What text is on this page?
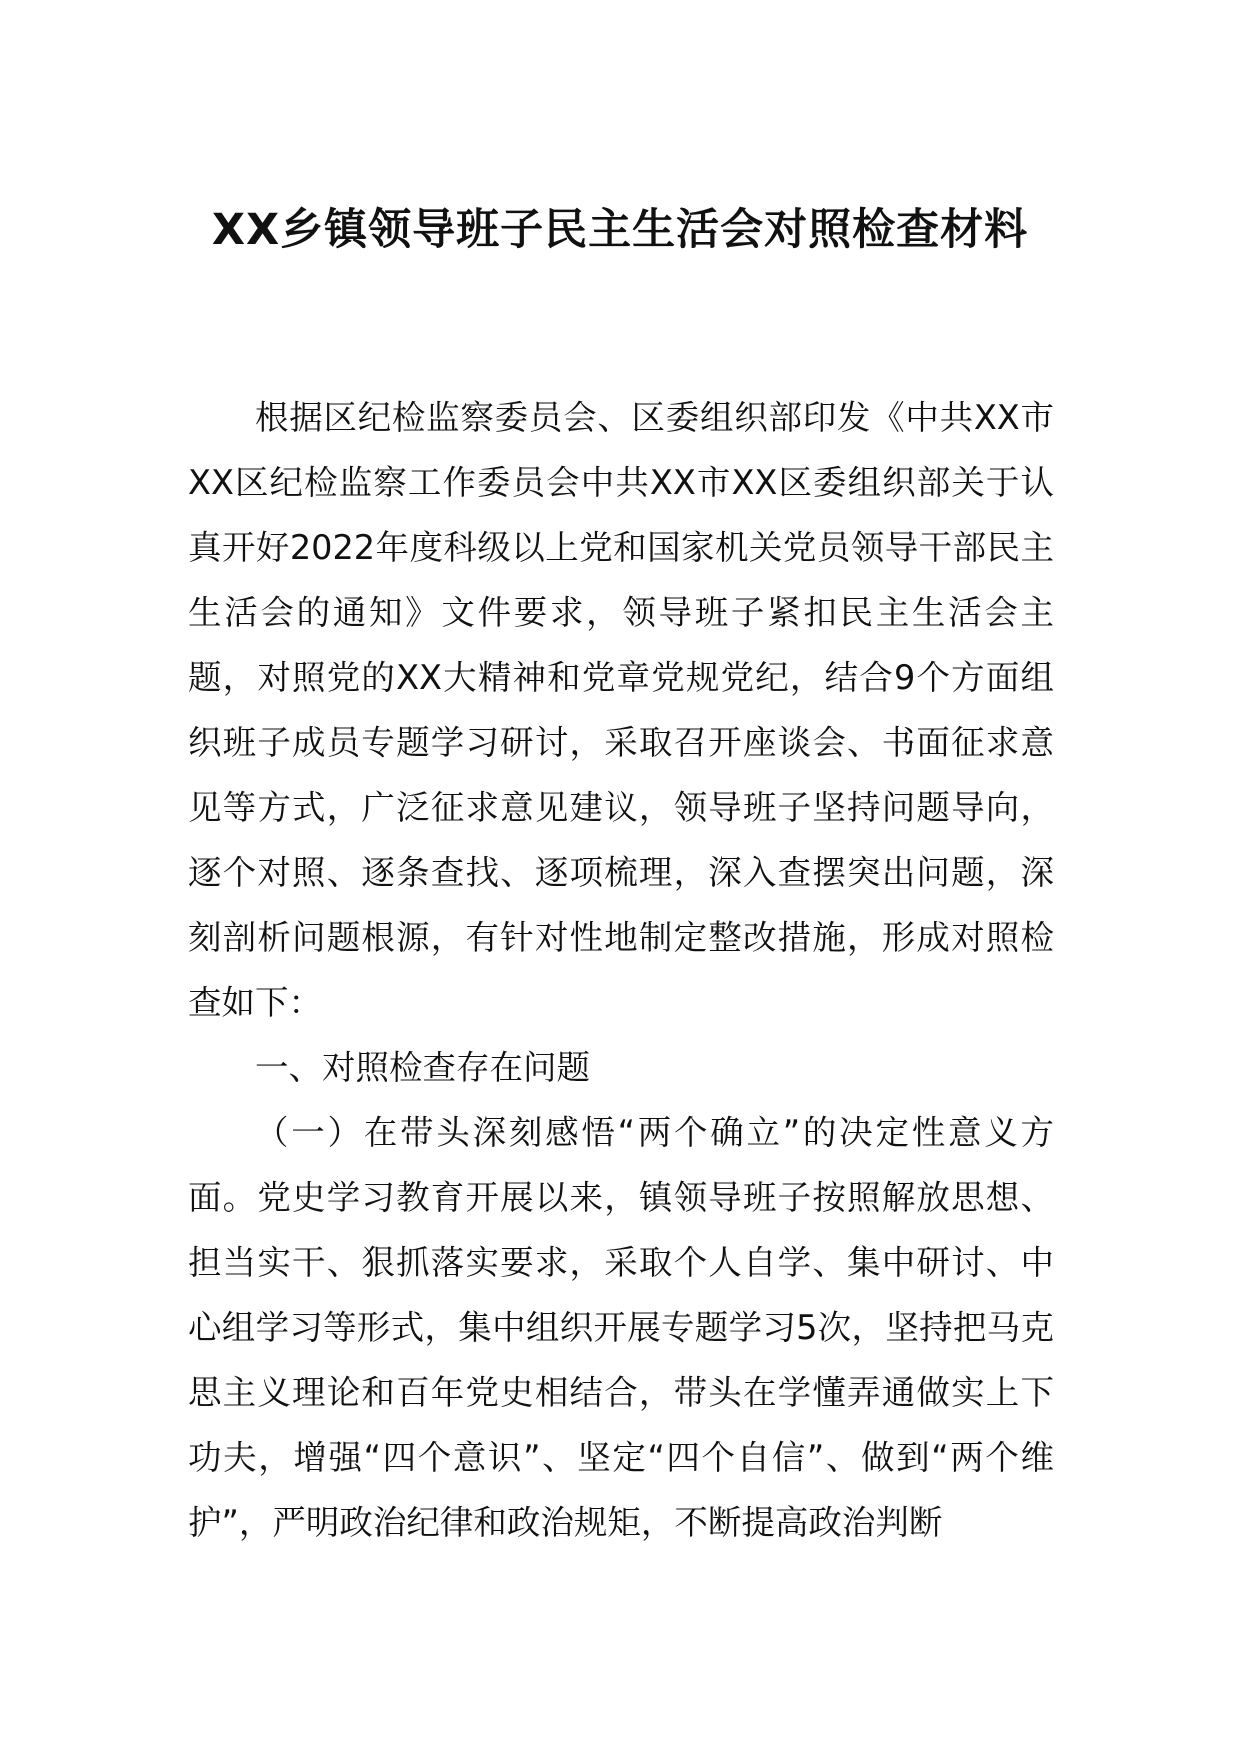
XX乡镇领导班子民主生活会对照检查材料

根据区纪检监察委员会、区委组织部印发《中共XX市XX区纪检监察工作委员会中共XX市XX区委组织部关于认真开好2022年度科级以上党和国家机关党员领导干部民主生活会的通知》文件要求，领导班子紧扣民主生活会主题，对照党的XX大精神和党章党规党纪，结合9个方面组织班子成员专题学习研讨，采取召开座谈会、书面征求意见等方式，广泛征求意见建议，领导班子坚持问题导向，逐个对照、逐条查找、逐项梳理，深入查摆突出问题，深刻剖析问题根源，有针对性地制定整改措施，形成对照检查如下：

一、对照检查存在问题

（一）在带头深刻感悟“两个确立”的决定性意义方面。党史学习教育开展以来，镇领导班子按照解放思想、担当实干、狠抓落实要求，采取个人自学、集中研讨、中心组学习等形式，集中组织开展专题学习5次，坚持把马克思主义理论和百年党史相结合，带头在学懂弄通做实上下功夫，增强“四个意识”、坚定“四个自信”、做到“两个维护”，严明政治纪律和政治规矩，不断提高政治判断
